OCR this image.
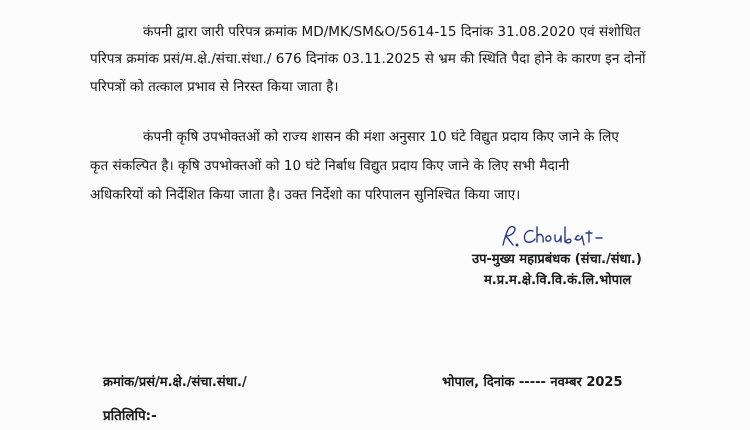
कंपनी द्वारा जारी परिपत्र क्रमांक MD/MK/SM&O/5614-15 दिनांक 31.08.2020 एवं संशोधित
परिपत्र क्रमांक प्रसं/म.क्षे./संचा.संधा./ 676 दिनांक 03.11.2025 से भ्रम की स्थिति पैदा होने के कारण इन दोनों
परिपत्रों को तत्काल प्रभाव से निरस्त किया जाता है।
कंपनी कृषि उपभोक्तओं को राज्य शासन की मंशा अनुसार 10 घंटे विद्युत प्रदाय किए जाने के लिए
कृत संकल्पित है। कृषि उपभोक्तओं को 10 घंटे निर्बाध विद्युत प्रदाय किए जाने के लिए सभी मैदानी
अधिकरियों को निर्देशित किया जाता है। उक्त निर्देशो का परिपालन सुनिश्चित किया जाए।
उप-मुख्य महाप्रबंधक (संचा./संधा.)
म.प्र.म.क्षे.वि.वि.कं.लि.भोपाल
क्रमांक/प्रसं/म.क्षे./संचा.संधा./	भोपाल, दिनांक ----- नवम्बर 2025
प्रतिलिपि:-
